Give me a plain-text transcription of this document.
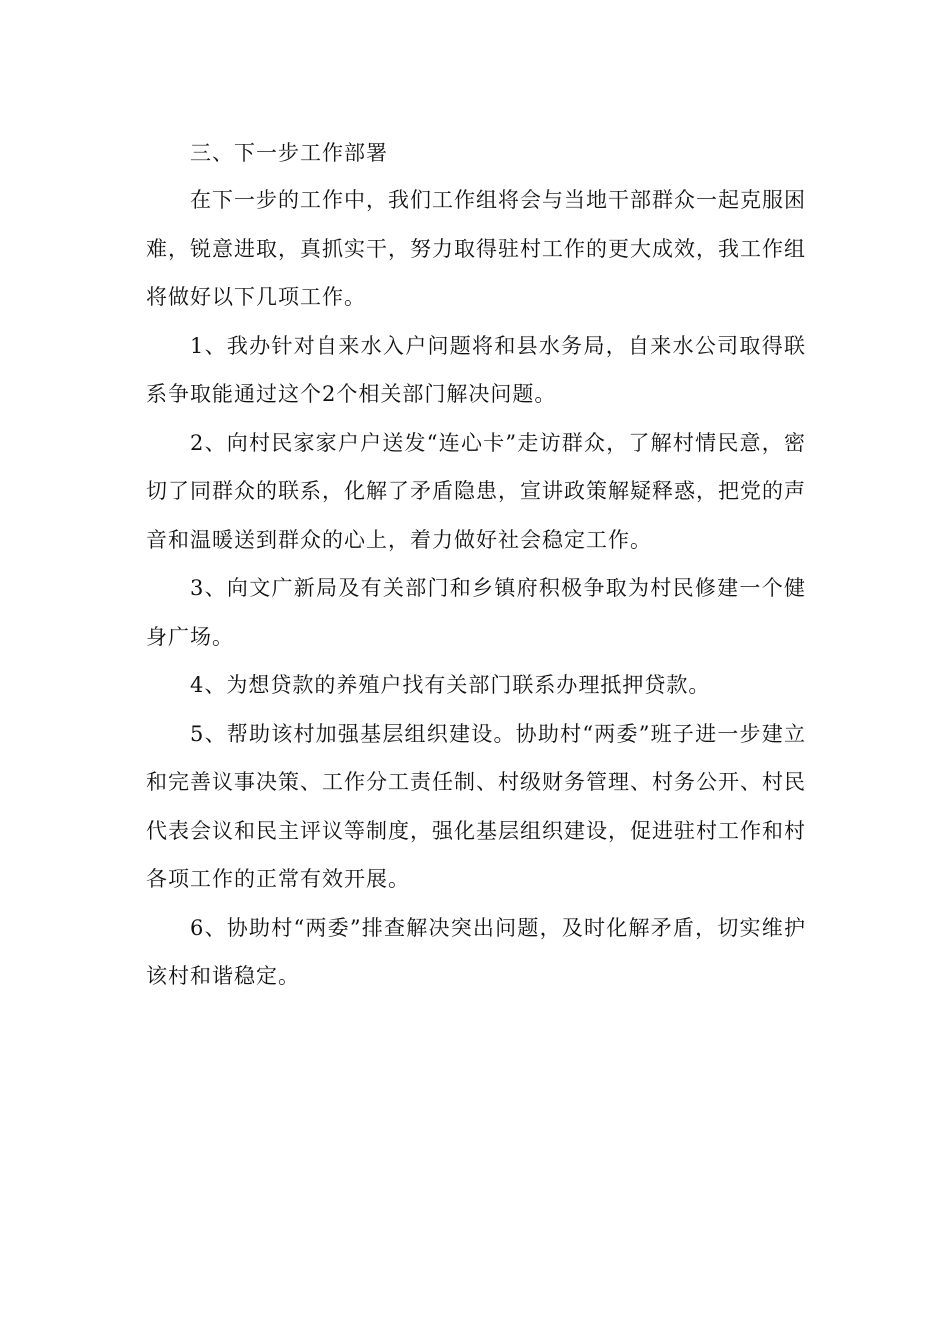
三、下一步工作部署

在下一步的工作中，我们工作组将会与当地干部群众一起克服困难，锐意进取，真抓实干，努力取得驻村工作的更大成效，我工作组将做好以下几项工作。

1、我办针对自来水入户问题将和县水务局，自来水公司取得联系争取能通过这个2个相关部门解决问题。

2、向村民家家户户送发“连心卡”走访群众，了解村情民意，密切了同群众的联系，化解了矛盾隐患，宣讲政策解疑释惑，把党的声音和温暖送到群众的心上，着力做好社会稳定工作。

3、向文广新局及有关部门和乡镇府积极争取为村民修建一个健身广场。

4、为想贷款的养殖户找有关部门联系办理抵押贷款。

5、帮助该村加强基层组织建设。协助村“两委”班子进一步建立和完善议事决策、工作分工责任制、村级财务管理、村务公开、村民代表会议和民主评议等制度，强化基层组织建设，促进驻村工作和村各项工作的正常有效开展。

6、协助村“两委”排查解决突出问题，及时化解矛盾，切实维护该村和谐稳定。
